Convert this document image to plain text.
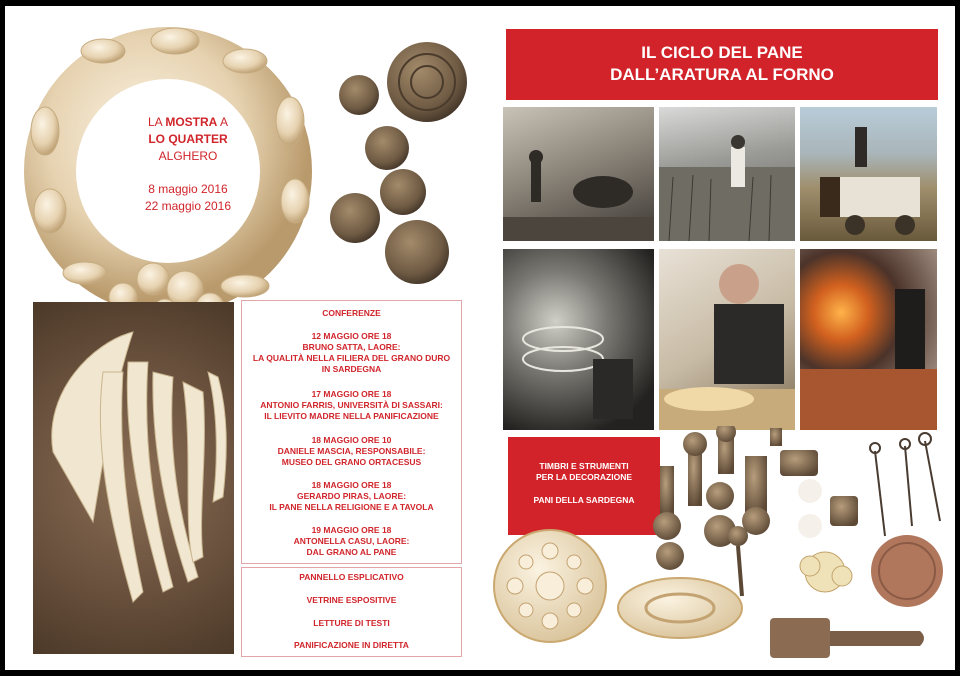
LA MOSTRA A
LO QUARTER
ALGHERO
8 maggio 2016
22 maggio 2016
CONFERENZE
12 MAGGIO ORE 18
BRUNO SATTA, LAORE:
LA QUALITÀ NELLA FILIERA DEL GRANO DURO
IN SARDEGNA
17 MAGGIO ORE 18
ANTONIO FARRIS, UNIVERSITÀ DI SASSARI:
IL LIEVITO MADRE NELLA PANIFICAZIONE
18 MAGGIO ORE 10
DANIELE MASCIA, RESPONSABILE:
MUSEO DEL GRANO ORTACESUS
18 MAGGIO ORE 18
GERARDO PIRAS, LAORE:
IL PANE NELLA RELIGIONE E A TAVOLA
19 MAGGIO ORE 18
ANTONELLA CASU, LAORE:
DAL GRANO AL PANE
PANNELLO ESPLICATIVO
VETRINE ESPOSITIVE
LETTURE DI TESTI
PANIFICAZIONE IN DIRETTA
IL CICLO DEL PANE
DALL’ARATURA AL FORNO
TIMBRI E STRUMENTI
PER LA DECORAZIONE
PANI DELLA SARDEGNA
